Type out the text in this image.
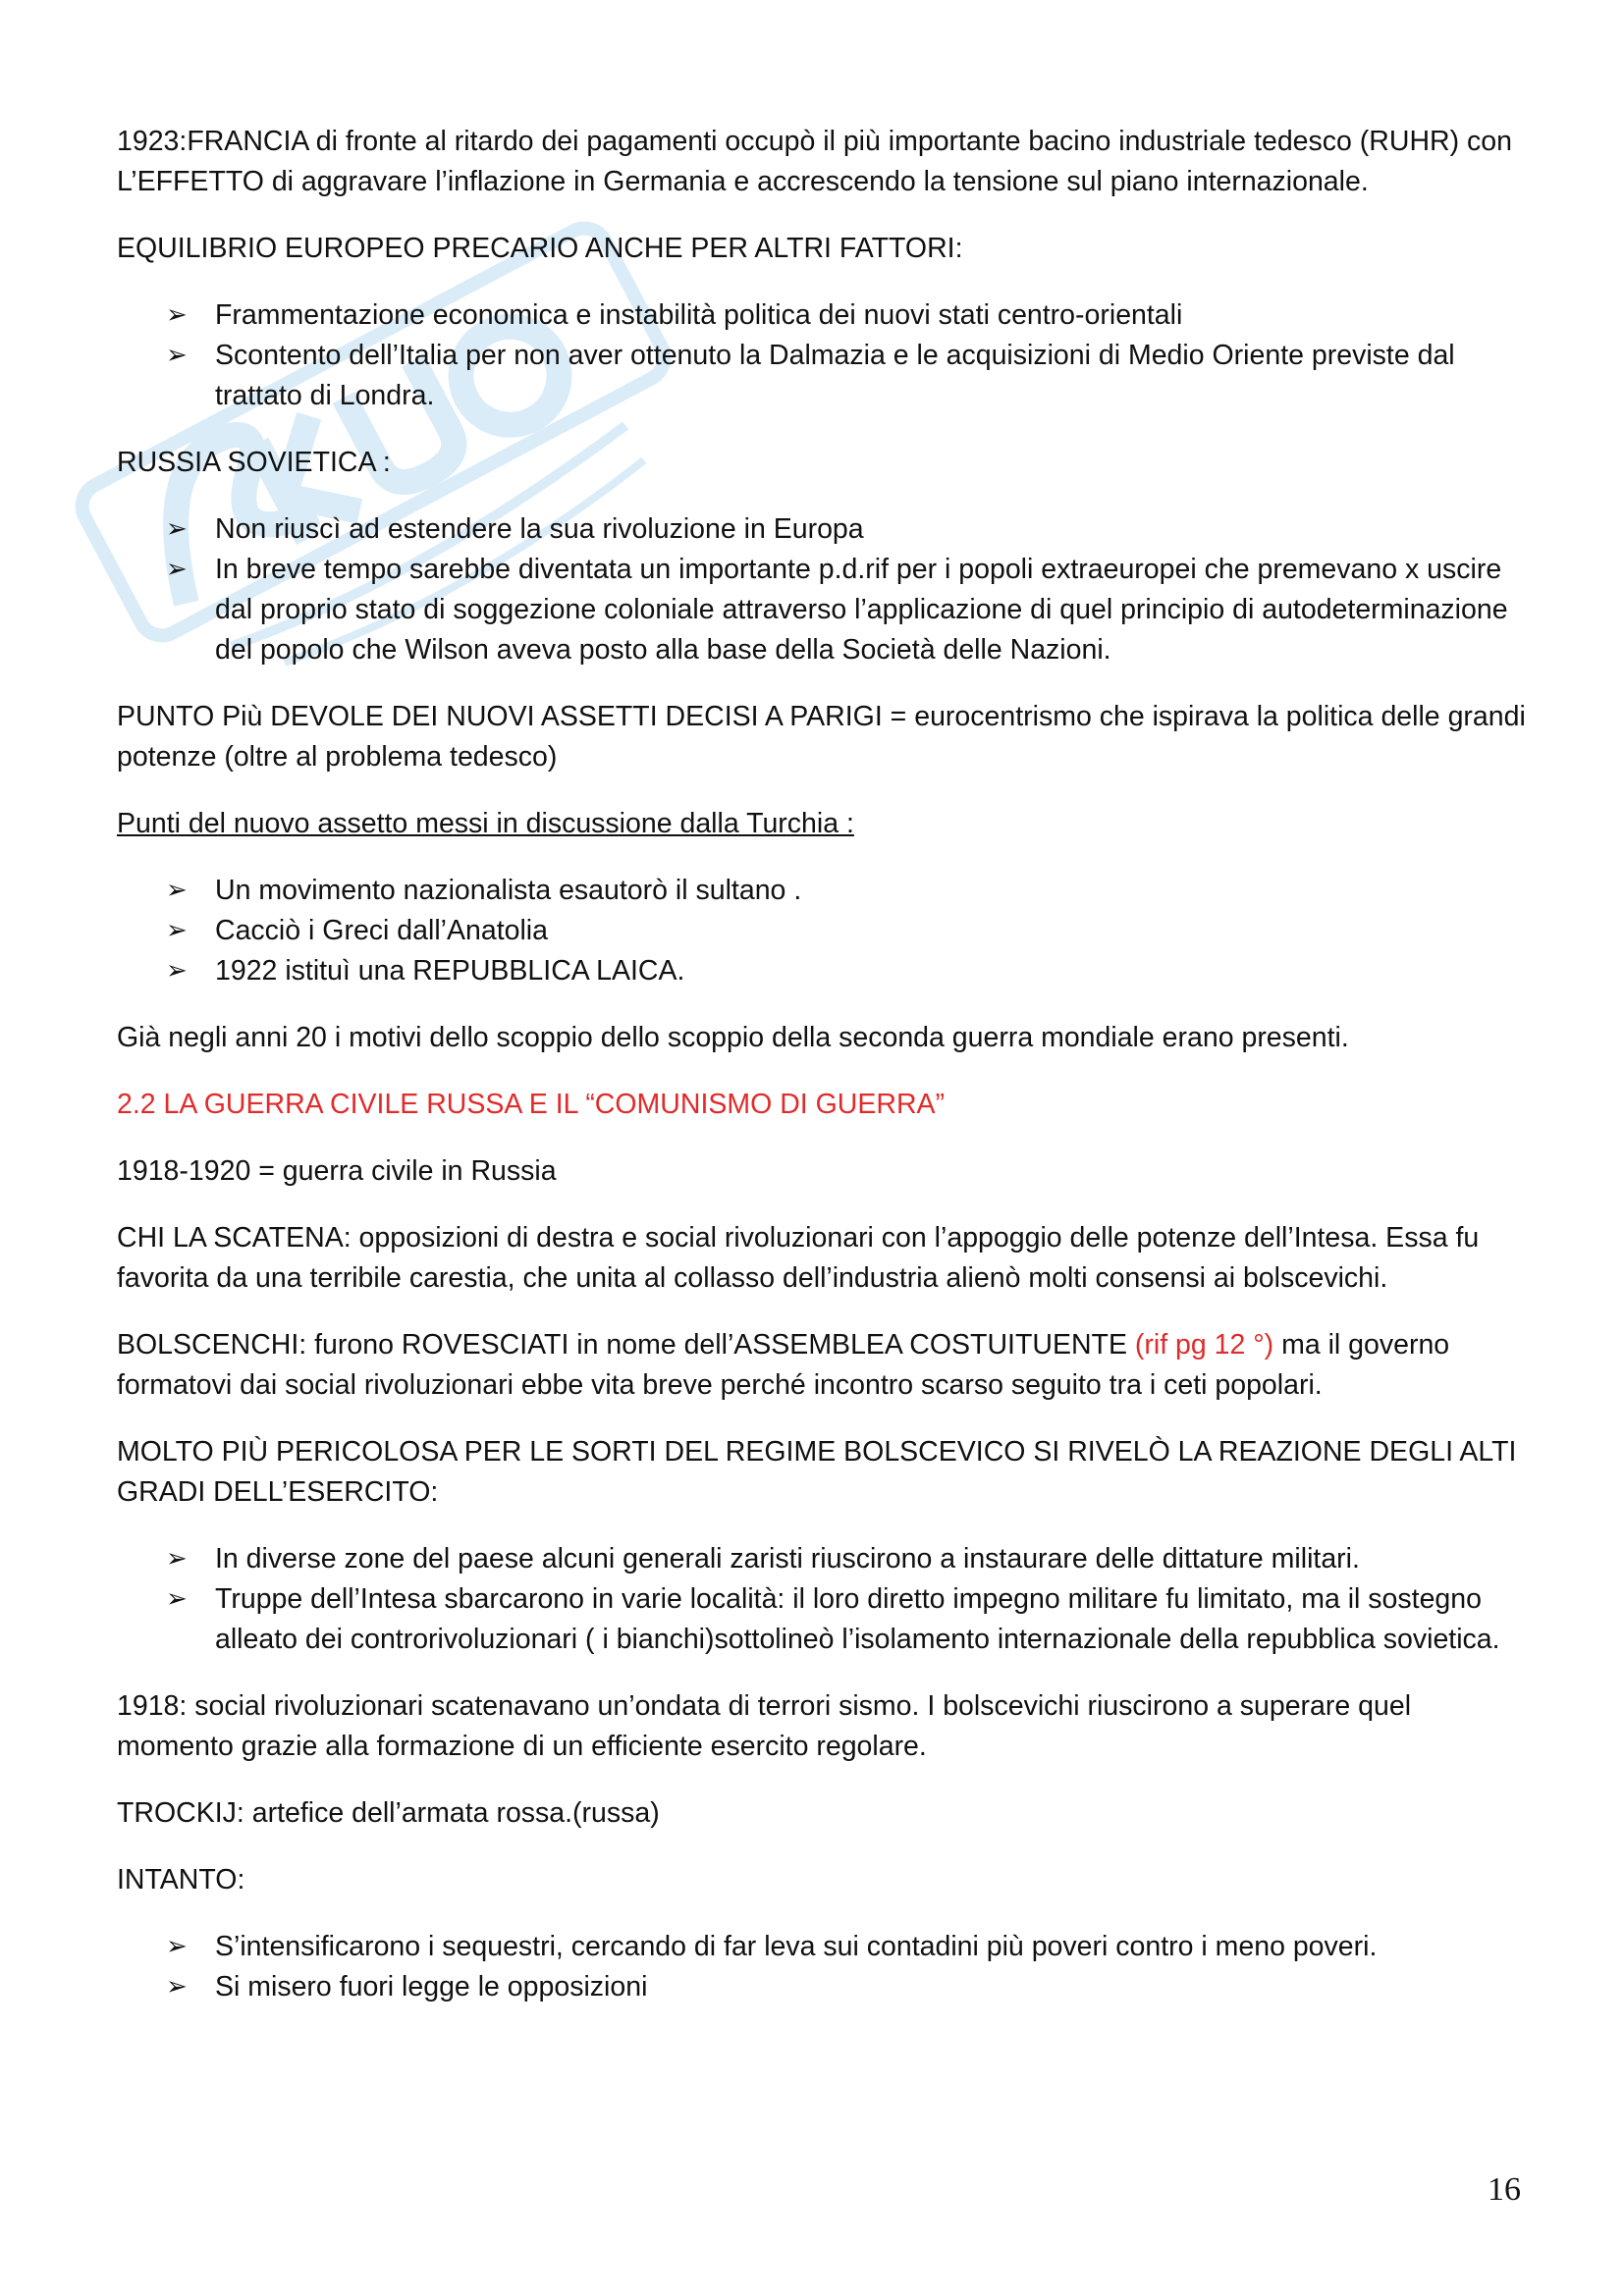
1923:FRANCIA di fronte al ritardo dei pagamenti occupò il più importante bacino industriale tedesco (RUHR) con L’EFFETTO di aggravare l’inflazione in Germania e accrescendo la tensione sul piano internazionale.

EQUILIBRIO EUROPEO PRECARIO ANCHE PER ALTRI FATTORI:

➢ Frammentazione economica e instabilità politica dei nuovi stati centro-orientali
➢ Scontento dell’Italia per non aver ottenuto la Dalmazia e le acquisizioni di Medio Oriente previste dal trattato di Londra.

RUSSIA SOVIETICA :

➢ Non riuscì ad estendere la sua rivoluzione in Europa
➢ In breve tempo sarebbe diventata un importante p.d.rif per i popoli extraeuropei che premevano x uscire dal proprio stato di soggezione coloniale attraverso l’applicazione di quel principio di autodeterminazione del popolo che Wilson aveva posto alla base della Società delle Nazioni.

PUNTO Più DEVOLE DEI NUOVI ASSETTI DECISI A PARIGI = eurocentrismo che ispirava la politica delle grandi potenze (oltre al problema tedesco)

Punti del nuovo assetto messi in discussione dalla Turchia :

➢ Un movimento nazionalista esautorò il sultano .
➢ Cacciò i Greci dall’Anatolia
➢ 1922 istituì una REPUBBLICA LAICA.

Già negli anni 20 i motivi dello scoppio dello scoppio della seconda guerra mondiale erano presenti.

2.2 LA GUERRA CIVILE RUSSA E IL “COMUNISMO DI GUERRA”

1918-1920 = guerra civile in Russia

CHI LA SCATENA: opposizioni di destra e social rivoluzionari con l’appoggio delle potenze dell’Intesa. Essa fu favorita da una terribile carestia, che unita al collasso dell’industria alienò molti consensi ai bolscevichi.

BOLSCENCHI: furono ROVESCIATI in nome dell’ASSEMBLEA COSTUITUENTE (rif pg 12 °) ma il governo formatovi dai social rivoluzionari ebbe vita breve perché incontro scarso seguito tra i ceti popolari.

MOLTO PIÙ PERICOLOSA PER LE SORTI DEL REGIME BOLSCEVICO SI RIVELÒ LA REAZIONE DEGLI ALTI GRADI DELL’ESERCITO:

➢ In diverse zone del paese alcuni generali zaristi riuscirono a instaurare delle dittature militari.
➢ Truppe dell’Intesa sbarcarono in varie località: il loro diretto impegno militare fu limitato, ma il sostegno alleato dei controrivoluzionari ( i bianchi)sottolineò l’isolamento internazionale della repubblica sovietica.

1918: social rivoluzionari scatenavano un’ondata di terrori sismo. I bolscevichi riuscirono a superare quel momento grazie alla formazione di un efficiente esercito regolare.

TROCKIJ: artefice dell’armata rossa.(russa)

INTANTO:

➢ S’intensificarono i sequestri, cercando di far leva sui contadini più poveri contro i meno poveri.
➢ Si misero fuori legge le opposizioni
16
